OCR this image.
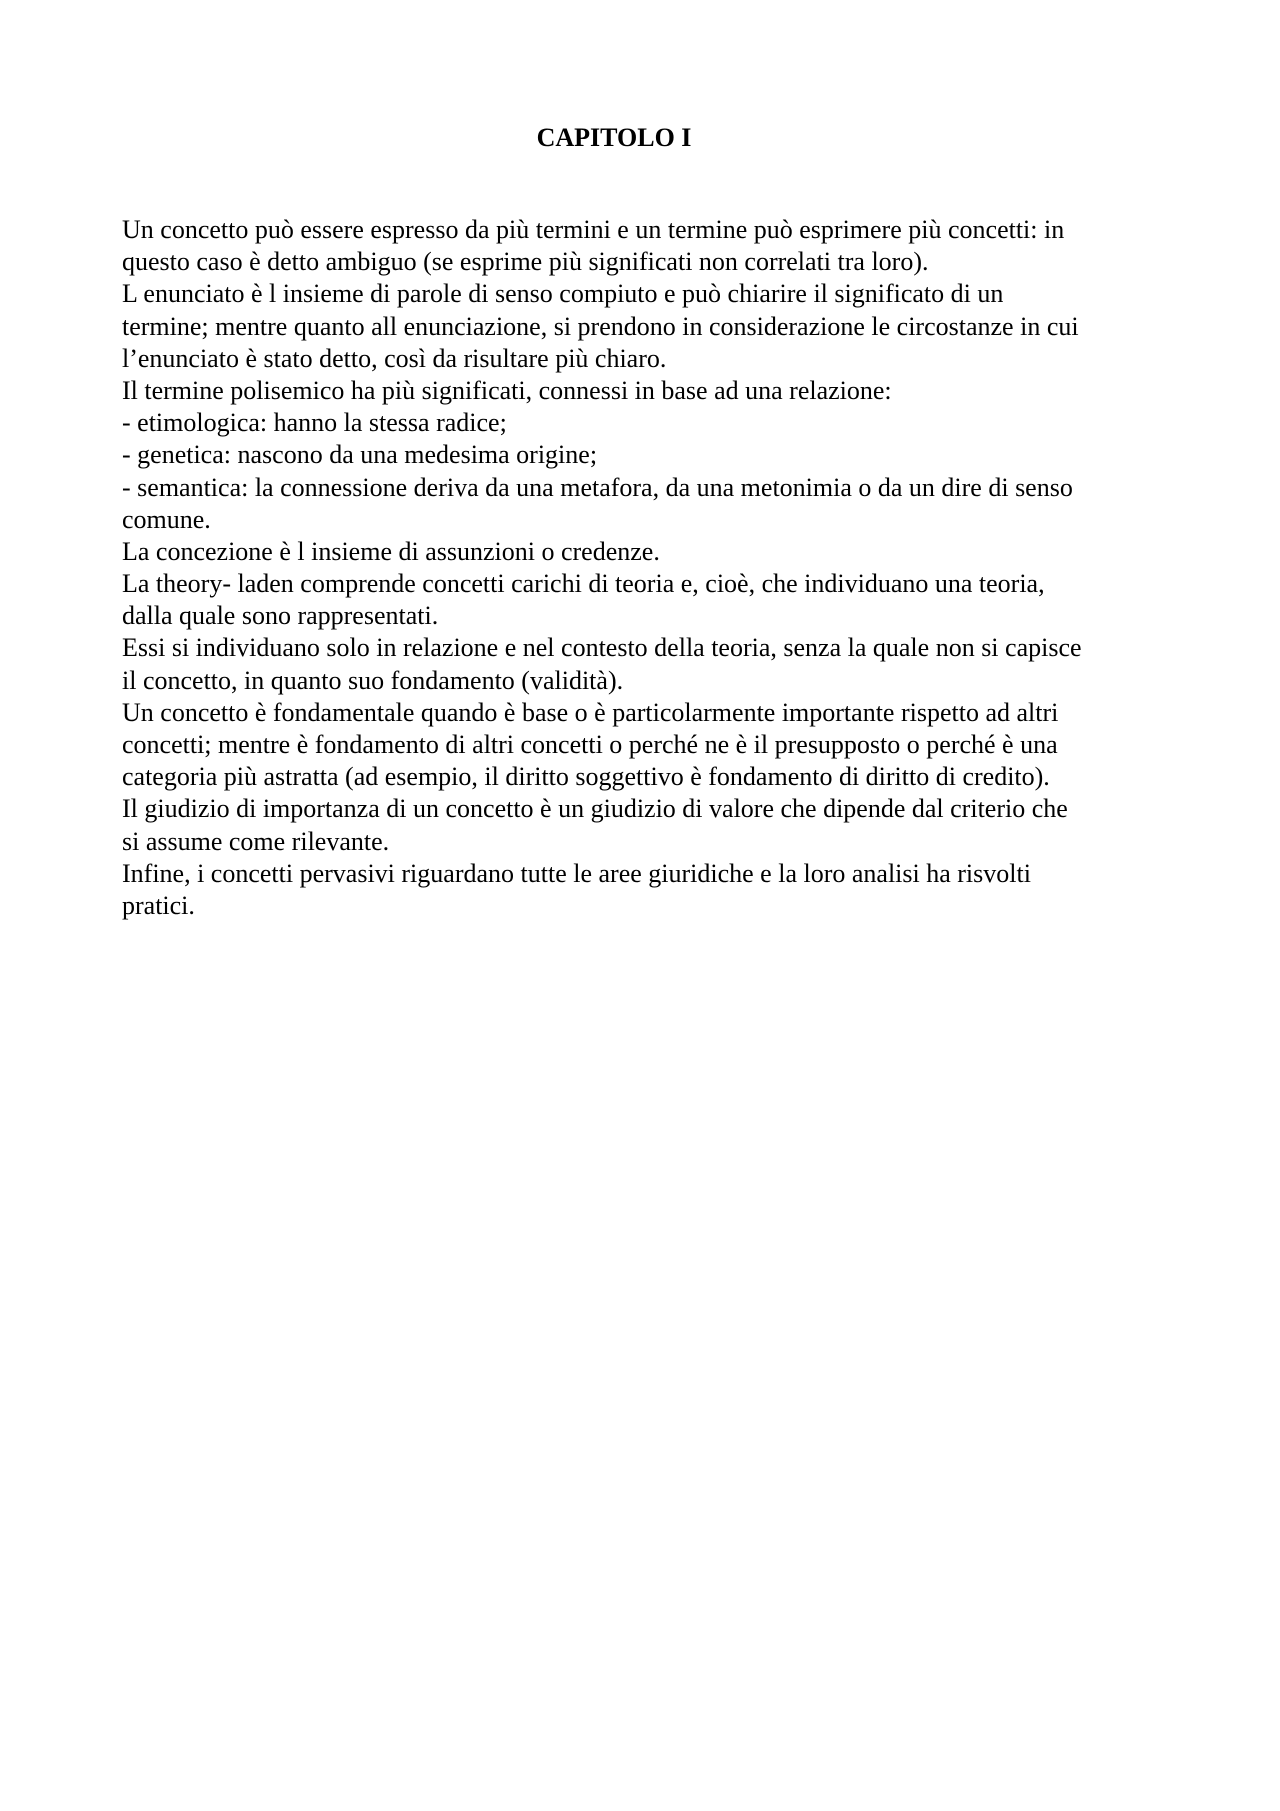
CAPITOLO I
Un concetto può essere espresso da più termini e un termine può esprimere più concetti: in
questo caso è detto ambiguo (se esprime più significati non correlati tra loro).
L enunciato è l insieme di parole di senso compiuto e può chiarire il significato di un
termine; mentre quanto all enunciazione, si prendono in considerazione le circostanze in cui
l’enunciato è stato detto, così da risultare più chiaro.
Il termine polisemico ha più significati, connessi in base ad una relazione:
- etimologica: hanno la stessa radice;
- genetica: nascono da una medesima origine;
- semantica: la connessione deriva da una metafora, da una metonimia o da un dire di senso
comune.
La concezione è l insieme di assunzioni o credenze.
La theory- laden comprende concetti carichi di teoria e, cioè, che individuano una teoria,
dalla quale sono rappresentati.
Essi si individuano solo in relazione e nel contesto della teoria, senza la quale non si capisce
il concetto, in quanto suo fondamento (validità).
Un concetto è fondamentale quando è base o è particolarmente importante rispetto ad altri
concetti; mentre è fondamento di altri concetti o perché ne è il presupposto o perché è una
categoria più astratta (ad esempio, il diritto soggettivo è fondamento di diritto di credito).
Il giudizio di importanza di un concetto è un giudizio di valore che dipende dal criterio che
si assume come rilevante.
Infine, i concetti pervasivi riguardano tutte le aree giuridiche e la loro analisi ha risvolti
pratici.
